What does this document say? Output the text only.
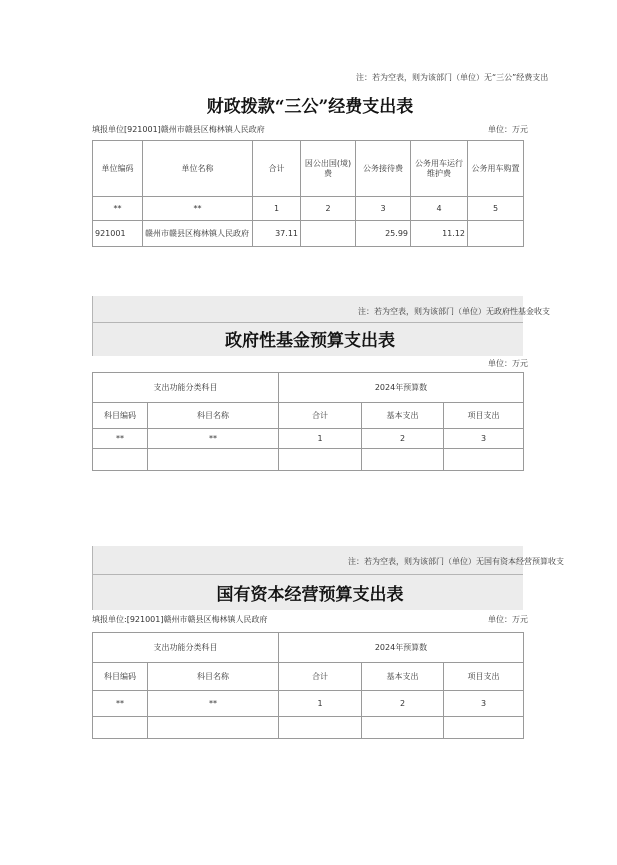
注：若为空表，则为该部门（单位）无“三公”经费支出
财政拨款“三公”经费支出表
填报单位[921001]赣州市赣县区梅林镇人民政府	单位：万元
单位编码	单位名称	合计	因公出国(境)费	公务接待费	公务用车运行维护费	公务用车购置
**	**	1	2	3	4	5
921001	赣州市赣县区梅林镇人民政府	37.11		25.99	11.12	
注：若为空表，则为该部门（单位）无政府性基金收支
政府性基金预算支出表
单位：万元
支出功能分类科目		2024年预算数		
科目编码	科目名称	合计	基本支出	项目支出
**	**	1	2	3

注：若为空表，则为该部门（单位）无国有资本经营预算收支
国有资本经营预算支出表
填报单位:[921001]赣州市赣县区梅林镇人民政府	单位：万元
支出功能分类科目		2024年预算数		
科目编码	科目名称	合计	基本支出	项目支出
**	**	1	2	3
